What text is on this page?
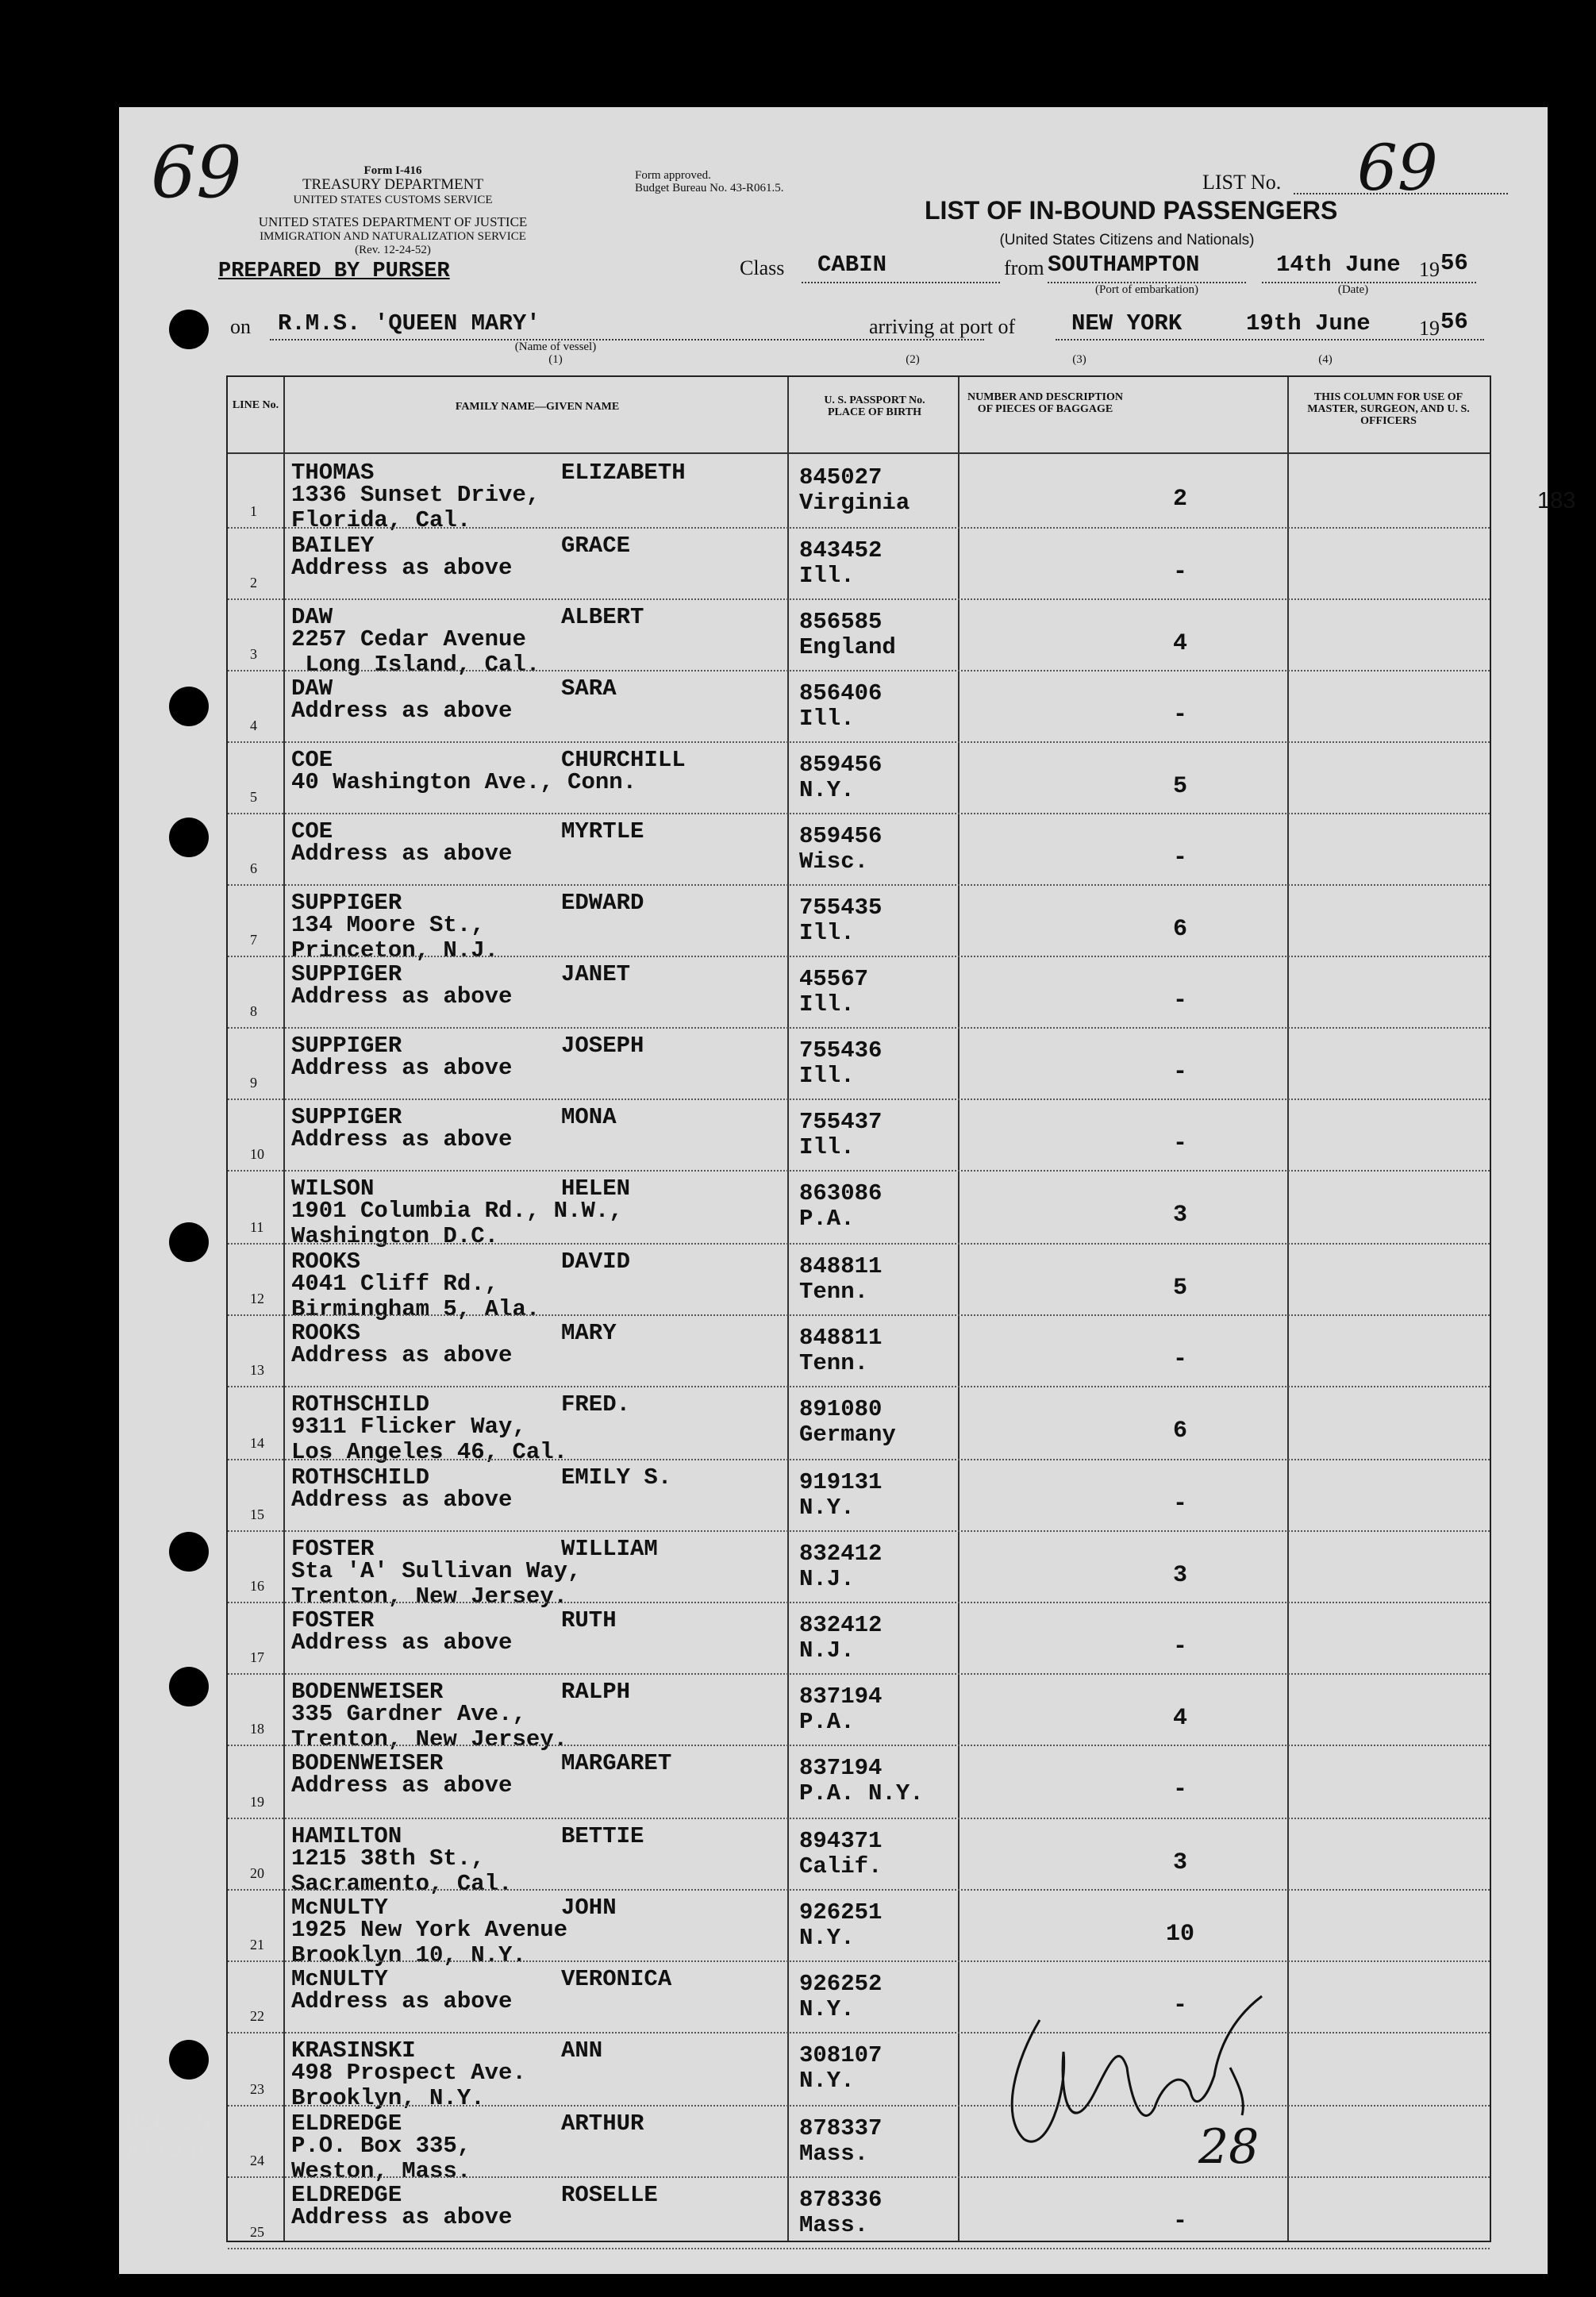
69	69
Form I-416
TREASURY DEPARTMENT
UNITED STATES CUSTOMS SERVICE
UNITED STATES DEPARTMENT OF JUSTICE
IMMIGRATION AND NATURALIZATION SERVICE
(Rev. 12-24-52)
Form approved.
Budget Bureau No. 43-R061.5.	LIST No.
LIST OF IN-BOUND PASSENGERS
(United States Citizens and Nationals)
PREPARED BY PURSER	Class CABIN	from SOUTHAMPTON
(Port of embarkation)
14th June 19 56
(Date)
on R.M.S. 'QUEEN MARY'
(Name of vessel)
(1)
arriving at port of NEW YORK	19th June 19 56
(2)	(3)	(4)
LINE No.	FAMILY NAME—GIVEN NAME
U. S. PASSPORT No. PLACE OF BIRTH
NUMBER AND DESCRIPTION OF PIECES OF BAGGAGE
THIS COLUMN FOR USE OF MASTER, SURGEON, AND U. S. OFFICERS
1
THOMAS	ELIZABETH
1336 Sunset Drive,
Florida, Cal.
845027
Virginia	2
2
BAILEY	GRACE
Address as above
843452
Ill.	-
3
DAW	ALBERT
2257 Cedar Avenue
Long Island, Cal.
856585
England	4
4
DAW	SARA
Address as above
856406
Ill.	-
5
COE	CHURCHILL
40 Washington Ave., Conn.
859456
N.Y.	5
6
COE	MYRTLE
Address as above
859456
Wisc.	-
7
SUPPIGER	EDWARD
134 Moore St.,
Princeton, N.J.
755435
Ill.	6
8
SUPPIGER	JANET
Address as above
45567
Ill.	-
9
SUPPIGER	JOSEPH
Address as above
755436
Ill.	-
10
SUPPIGER	MONA
Address as above
755437
Ill.	-
11
WILSON	HELEN
1901 Columbia Rd., N.W.,
Washington D.C.
863086
P.A.	3
12
ROOKS	DAVID
4041 Cliff Rd.,
Birmingham 5, Ala.
848811
Tenn.	5
13
ROOKS	MARY
Address as above
848811
Tenn.	-
14
ROTHSCHILD	FRED.
9311 Flicker Way,
Los Angeles 46, Cal.
891080
Germany	6
15
ROTHSCHILD	EMILY S.
Address as above
919131
N.Y.	-
16
FOSTER	WILLIAM
Sta 'A' Sullivan Way,
Trenton, New Jersey.
832412
N.J.	3
17
FOSTER	RUTH
Address as above
832412
N.J.	-
18
BODENWEISER	RALPH
335 Gardner Ave.,
Trenton, New Jersey.
837194
P.A.	4
19
BODENWEISER	MARGARET
Address as above
837194
P.A. N.Y.	-
20
HAMILTON	BETTIE
1215 38th St.,
Sacramento, Cal.
894371
Calif.	3
21
McNULTY	JOHN
1925 New York Avenue
Brooklyn 10, N.Y.
926251
N.Y.	10
22
McNULTY	VERONICA
Address as above
926252
N.Y.	-
23
KRASINSKI	ANN
498 Prospect Ave.
Brooklyn, N.Y.
308107
N.Y.
24
ELDREDGE	ARTHUR
P.O. Box 335,
Weston, Mass.
878337
Mass.
25
ELDREDGE	ROSELLE
Address as above
878336
Mass.	-
183
28
USC 25
Aliens
